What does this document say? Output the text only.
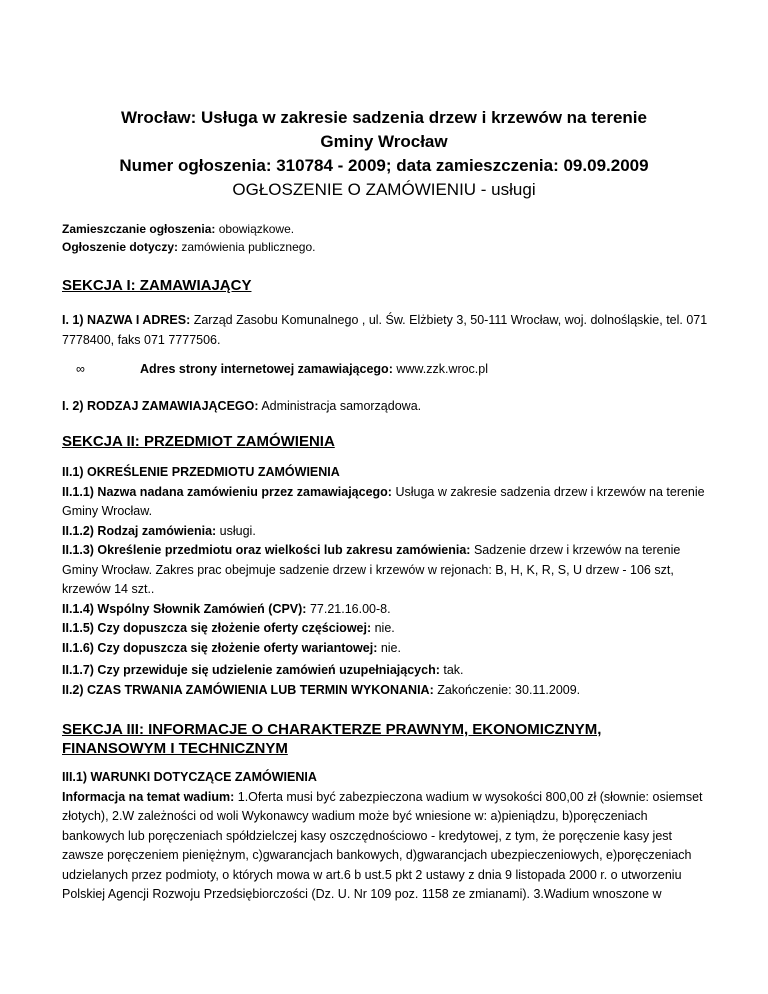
Wrocław: Usługa w zakresie sadzenia drzew i krzewów na terenie
Gminy Wrocław
Numer ogłoszenia: 310784 - 2009; data zamieszczenia: 09.09.2009
OGŁOSZENIE O ZAMÓWIENIU - usługi

Zamieszczanie ogłoszenia: obowiązkowe.

Ogłoszenie dotyczy: zamówienia publicznego.

SEKCJA I: ZAMAWIAJĄCY

I. 1) NAZWA I ADRES: Zarząd Zasobu Komunalnego , ul. Św. Elżbiety 3, 50-111 Wrocław, woj. dolnośląskie, tel. 071 7778400, faks 071 7777506.

∞	Adres strony internetowej zamawiającego: www.zzk.wroc.pl

I. 2) RODZAJ ZAMAWIAJĄCEGO: Administracja samorządowa.

SEKCJA II: PRZEDMIOT ZAMÓWIENIA

II.1) OKREŚLENIE PRZEDMIOTU ZAMÓWIENIA

II.1.1) Nazwa nadana zamówieniu przez zamawiającego: Usługa w zakresie sadzenia drzew i krzewów na terenie Gminy Wrocław.

II.1.2) Rodzaj zamówienia: usługi.

II.1.3) Określenie przedmiotu oraz wielkości lub zakresu zamówienia: Sadzenie drzew i krzewów na terenie Gminy Wrocław. Zakres prac obejmuje sadzenie drzew i krzewów w rejonach: B, H, K, R, S, U drzew - 106 szt, krzewów 14 szt..

II.1.4) Wspólny Słownik Zamówień (CPV): 77.21.16.00-8.

II.1.5) Czy dopuszcza się złożenie oferty częściowej: nie.

II.1.6) Czy dopuszcza się złożenie oferty wariantowej: nie.

II.1.7) Czy przewiduje się udzielenie zamówień uzupełniających: tak.

II.2) CZAS TRWANIA ZAMÓWIENIA LUB TERMIN WYKONANIA: Zakończenie: 30.11.2009.

SEKCJA III: INFORMACJE O CHARAKTERZE PRAWNYM, EKONOMICZNYM,
FINANSOWYM I TECHNICZNYM

III.1) WARUNKI DOTYCZĄCE ZAMÓWIENIA

Informacja na temat wadium: 1.Oferta musi być zabezpieczona wadium w wysokości 800,00 zł (słownie: osiemset złotych), 2.W zależności od woli Wykonawcy wadium może być wniesione w: a)pieniądzu, b)poręczeniach bankowych lub poręczeniach spółdzielczej kasy oszczędnościowo - kredytowej, z tym, że poręczenie kasy jest zawsze poręczeniem pieniężnym, c)gwarancjach bankowych, d)gwarancjach ubezpieczeniowych, e)poręczeniach udzielanych przez podmioty, o których mowa w art.6 b ust.5 pkt 2 ustawy z dnia 9 listopada 2000 r. o utworzeniu Polskiej Agencji Rozwoju Przedsiębiorczości (Dz. U. Nr 109 poz. 1158 ze zmianami). 3.Wadium wnoszone w
